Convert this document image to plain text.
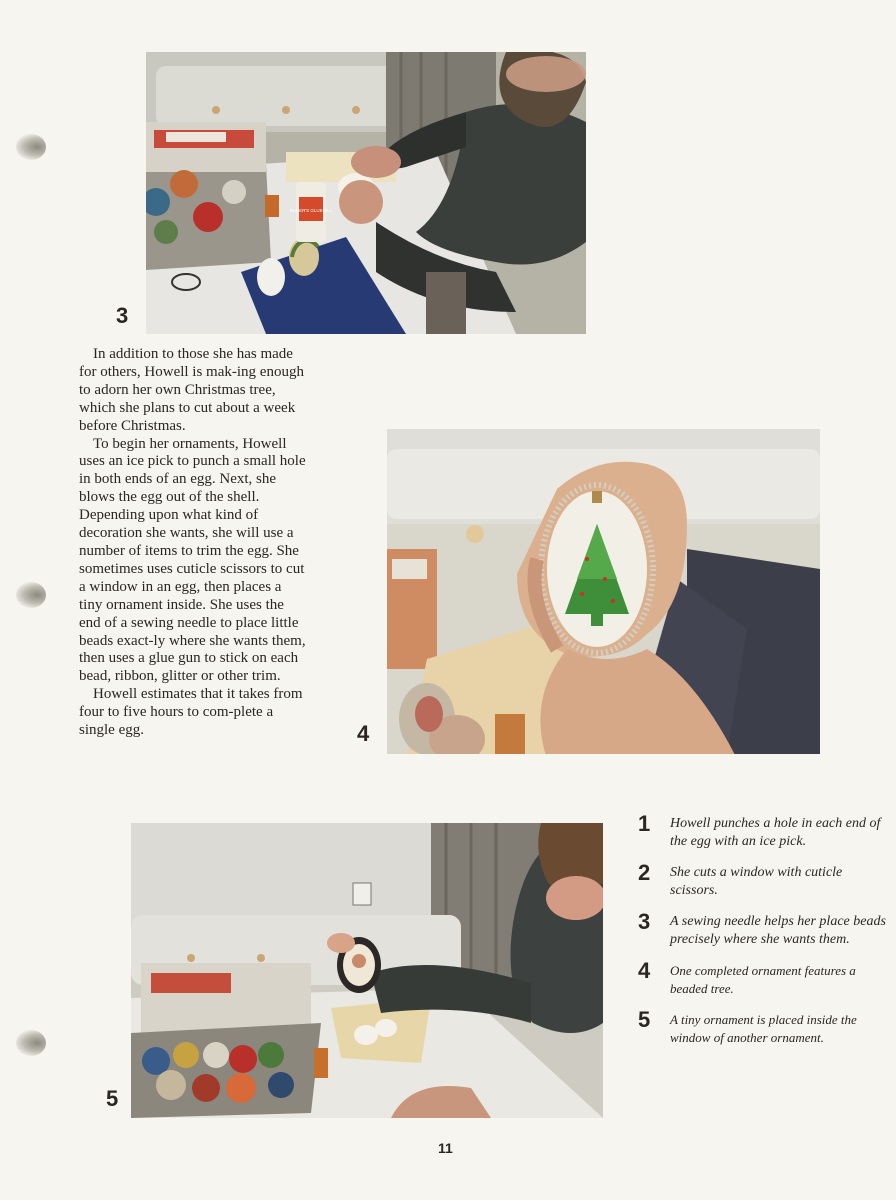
ELMER'S GLUE-ALL
3

In addition to those she has made for others, Howell is mak-ing enough to adorn her own Christmas tree, which she plans to cut about a week before Christmas.

To begin her ornaments, Howell uses an ice pick to punch a small hole in both ends of an egg. Next, she blows the egg out of the shell. Depending upon what kind of decoration she wants, she will use a number of items to trim the egg. She sometimes uses cuticle scissors to cut a window in an egg, then places a tiny ornament inside. She uses the end of a sewing needle to place little beads exact-ly where she wants them, then uses a glue gun to stick on each bead, ribbon, glitter or other trim.

Howell estimates that it takes from four to five hours to com-plete a single egg.	4
5
1 Howell punches a hole in each end of the egg with an ice pick.
2 She cuts a window with cuticle scissors.
3 A sewing needle helps her place beads precisely where she wants them.
4 One completed ornament features a beaded tree.
5 A tiny ornament is placed inside the window of another ornament.
11
